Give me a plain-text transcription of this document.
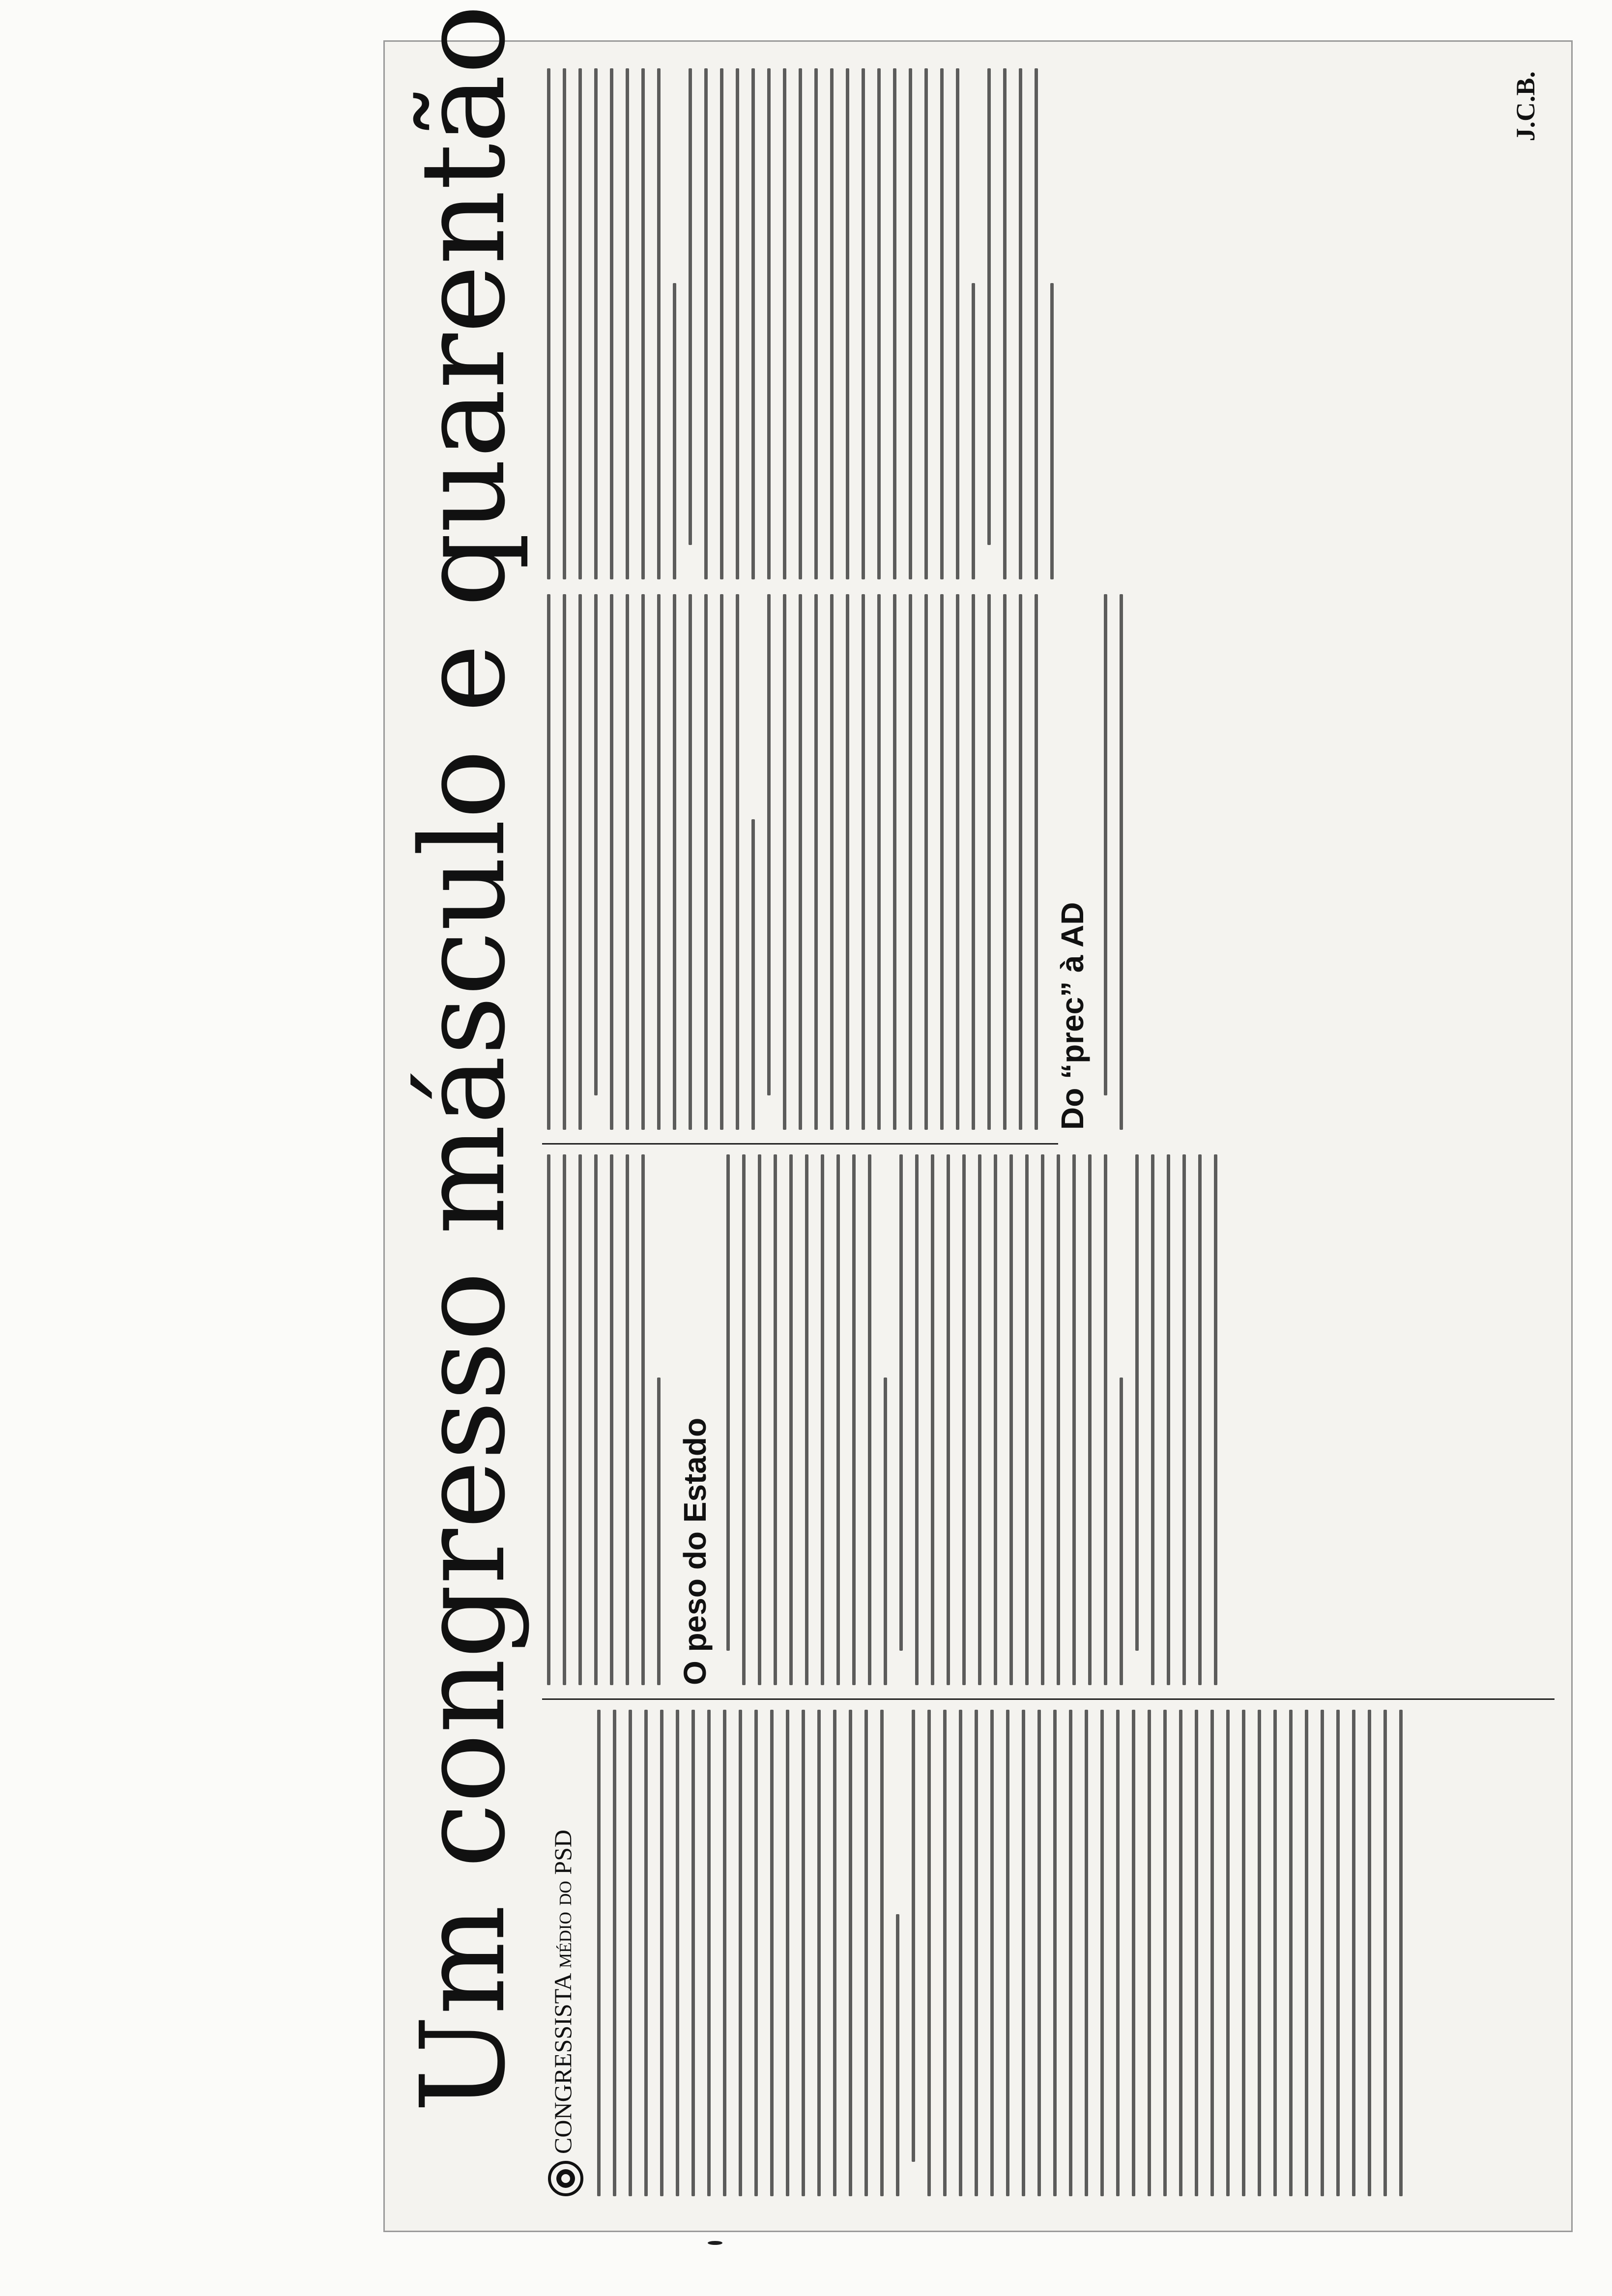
Um congresso másculo e quarentão CONGRESSISTA médio do PSD

O peso do Estado
Do “prec” à AD
J.C.B.
